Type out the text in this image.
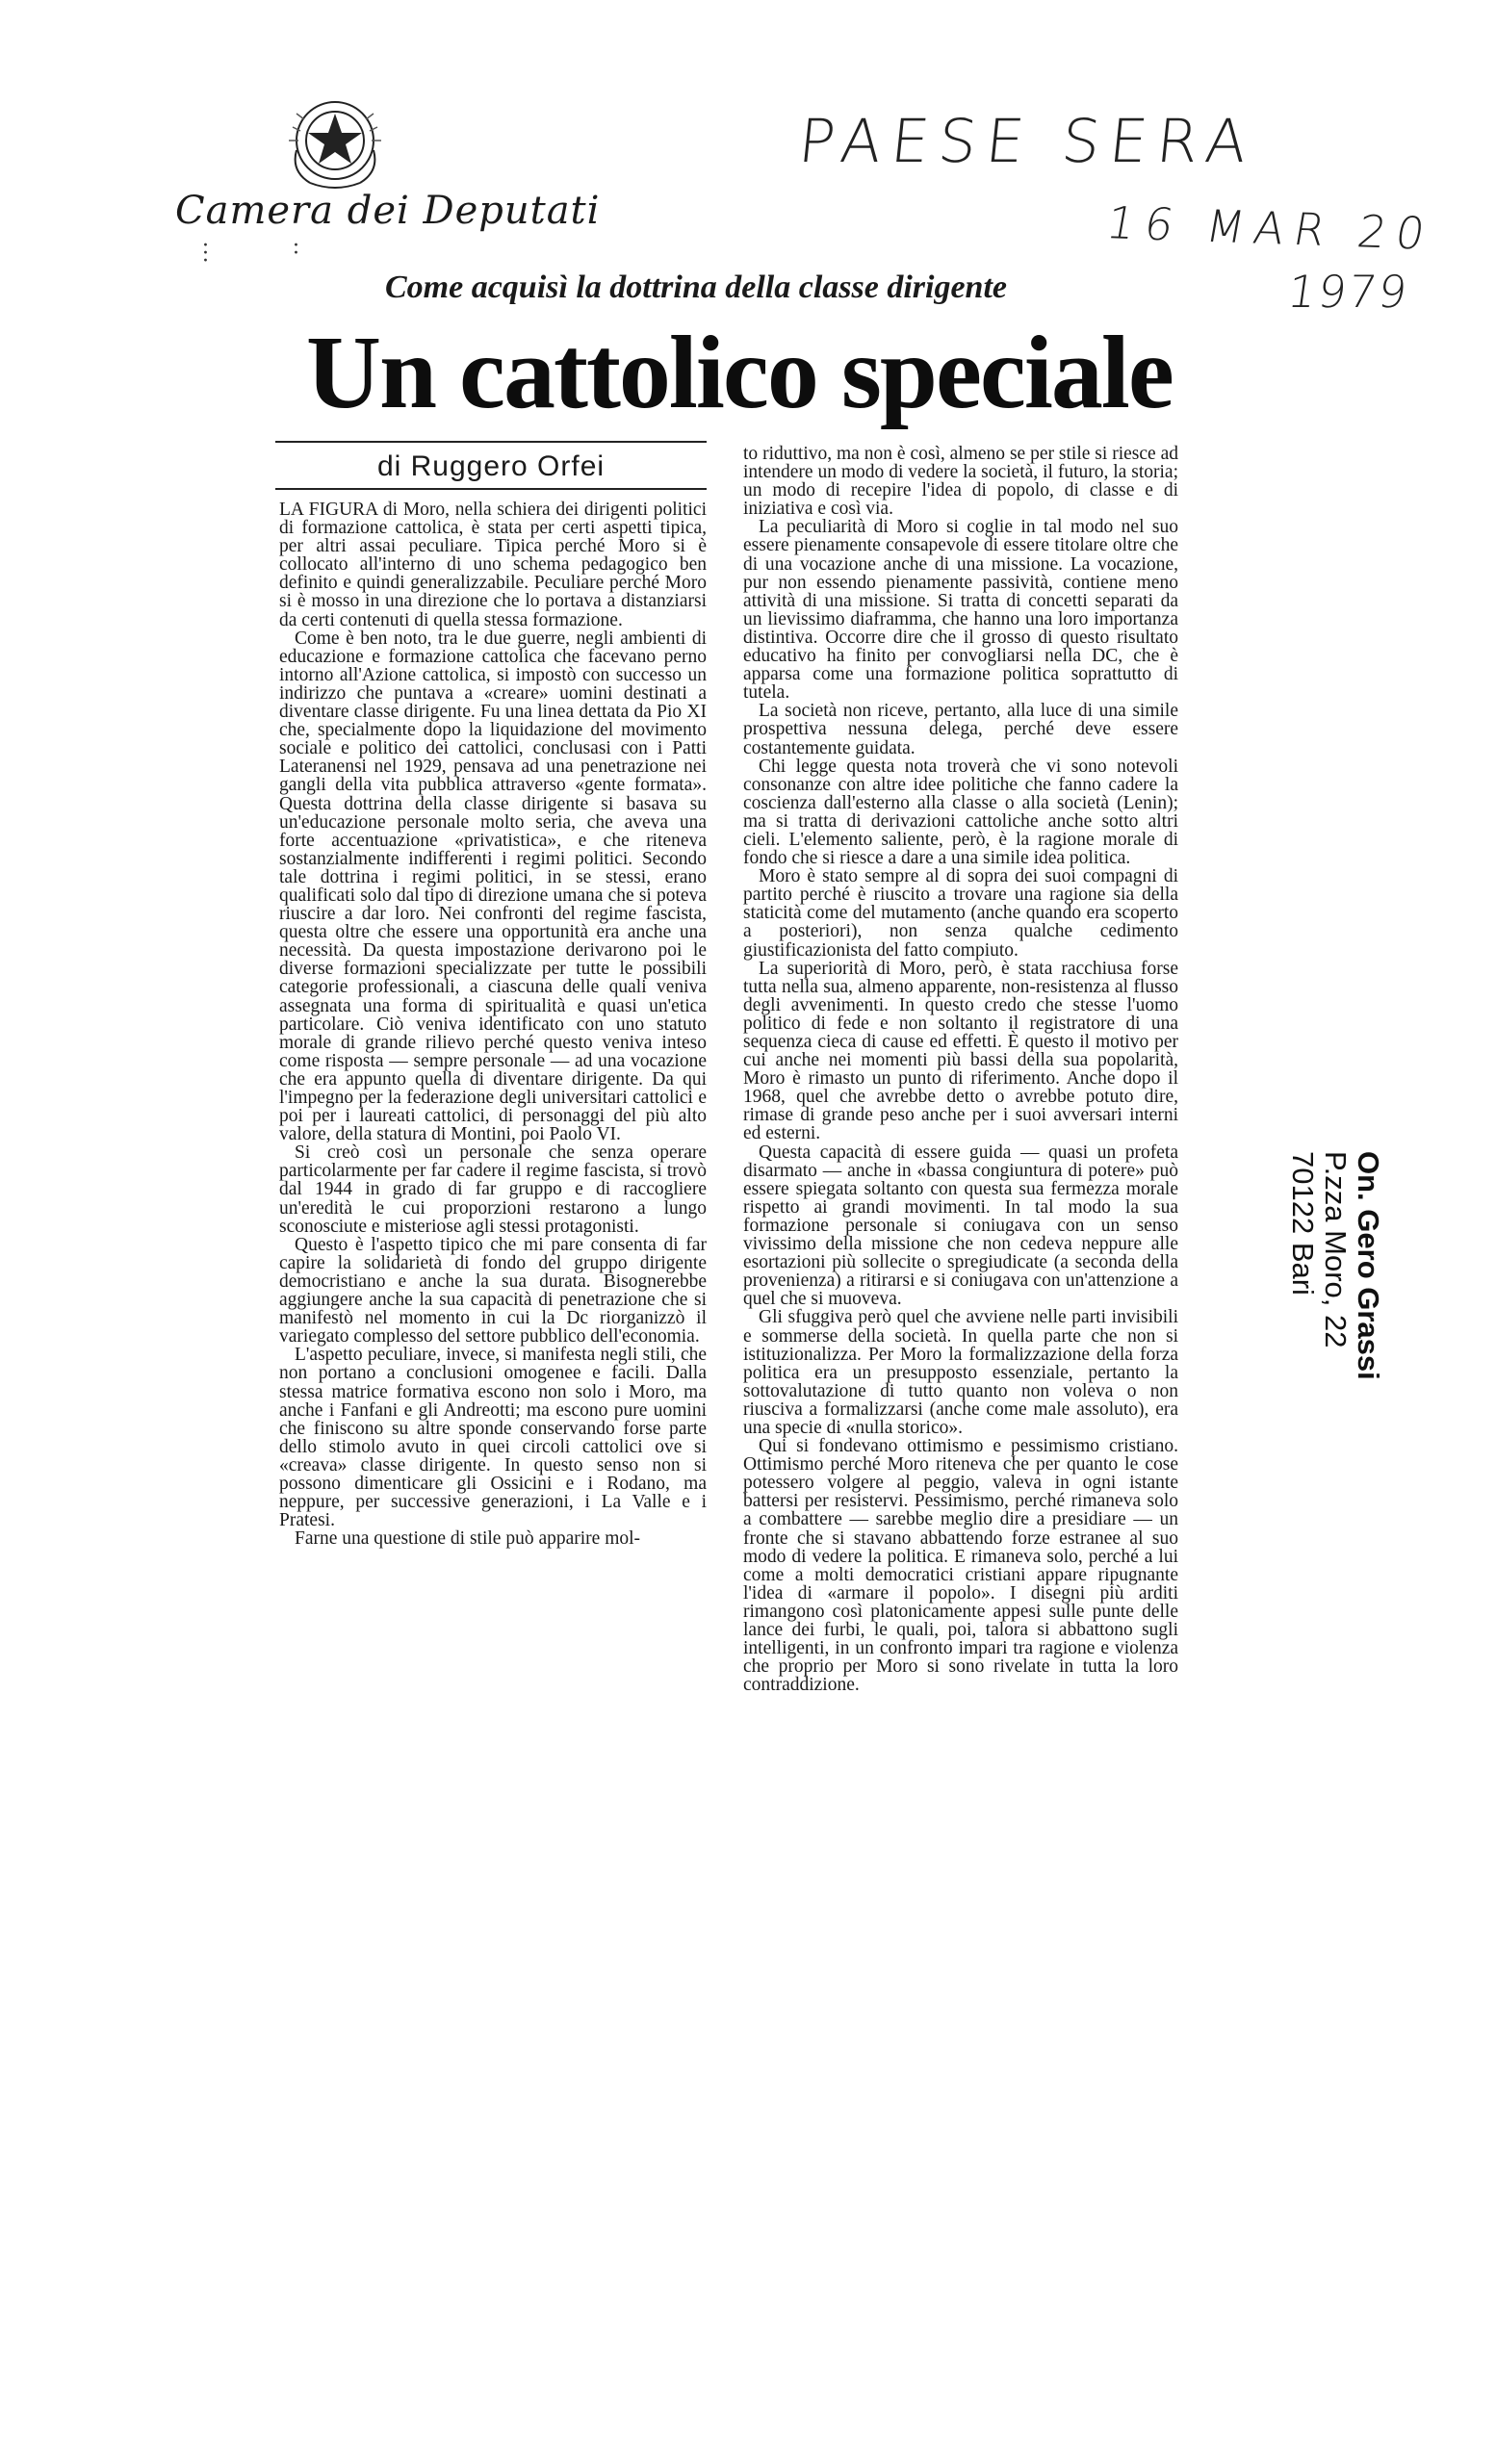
Camera dei Deputati
· · · · ·
PAESE SERA
16 MAR 20
1979
Come acquisì la dottrina della classe dirigente
Un cattolico speciale
di Ruggero Orfei

LA FIGURA di Moro, nella schiera dei dirigenti politici di formazione cattolica, è stata per certi aspetti tipica, per altri assai peculiare. Tipica perché Moro si è collocato all'interno di uno schema pedagogico ben definito e quindi generalizzabile. Peculiare perché Moro si è mosso in una direzione che lo portava a distanziarsi da certi contenuti di quella stessa formazione.

Come è ben noto, tra le due guerre, negli ambienti di educazione e formazione cattolica che facevano perno intorno all'Azione cattolica, si impostò con successo un indirizzo che puntava a «creare» uomini destinati a diventare classe dirigente. Fu una linea dettata da Pio XI che, specialmente dopo la liquidazione del movimento sociale e politico dei cattolici, conclusasi con i Patti Lateranensi nel 1929, pensava ad una penetrazione nei gangli della vita pubblica attraverso «gente formata». Questa dottrina della classe dirigente si basava su un'educazione personale molto seria, che aveva una forte accentuazione «privatistica», e che riteneva sostanzialmente indifferenti i regimi politici. Secondo tale dottrina i regimi politici, in se stessi, erano qualificati solo dal tipo di direzione umana che si poteva riuscire a dar loro. Nei confronti del regime fascista, questa oltre che essere una opportunità era anche una necessità. Da questa impostazione derivarono poi le diverse formazioni specializzate per tutte le possibili categorie professionali, a ciascuna delle quali veniva assegnata una forma di spiritualità e quasi un'etica particolare. Ciò veniva identificato con uno statuto morale di grande rilievo perché questo veniva inteso come risposta — sempre personale — ad una vocazione che era appunto quella di diventare dirigente. Da qui l'impegno per la federazione degli universitari cattolici e poi per i laureati cattolici, di personaggi del più alto valore, della statura di Montini, poi Paolo VI.

Si creò così un personale che senza operare particolarmente per far cadere il regime fascista, si trovò dal 1944 in grado di far gruppo e di raccogliere un'eredità le cui proporzioni restarono a lungo sconosciute e misteriose agli stessi protagonisti.

Questo è l'aspetto tipico che mi pare consenta di far capire la solidarietà di fondo del gruppo dirigente democristiano e anche la sua durata. Bisognerebbe aggiungere anche la sua capacità di penetrazione che si manifestò nel momento in cui la Dc riorganizzò il variegato complesso del settore pubblico dell'economia.

L'aspetto peculiare, invece, si manifesta negli stili, che non portano a conclusioni omogenee e facili. Dalla stessa matrice formativa escono non solo i Moro, ma anche i Fanfani e gli Andreotti; ma escono pure uomini che finiscono su altre sponde conservando forse parte dello stimolo avuto in quei circoli cattolici ove si «creava» classe dirigente. In questo senso non si possono dimenticare gli Ossicini e i Rodano, ma neppure, per successive generazioni, i La Valle e i Pratesi.

Farne una questione di stile può apparire mol-

to riduttivo, ma non è così, almeno se per stile si riesce ad intendere un modo di vedere la società, il futuro, la storia; un modo di recepire l'idea di popolo, di classe e di iniziativa e così via.

La peculiarità di Moro si coglie in tal modo nel suo essere pienamente consapevole di essere titolare oltre che di una vocazione anche di una missione. La vocazione, pur non essendo pienamente passività, contiene meno attività di una missione. Si tratta di concetti separati da un lievissimo diaframma, che hanno una loro importanza distintiva. Occorre dire che il grosso di questo risultato educativo ha finito per convogliarsi nella DC, che è apparsa come una formazione politica soprattutto di tutela.

La società non riceve, pertanto, alla luce di una simile prospettiva nessuna delega, perché deve essere costantemente guidata.

Chi legge questa nota troverà che vi sono notevoli consonanze con altre idee politiche che fanno cadere la coscienza dall'esterno alla classe o alla società (Lenin); ma si tratta di derivazioni cattoliche anche sotto altri cieli. L'elemento saliente, però, è la ragione morale di fondo che si riesce a dare a una simile idea politica.

Moro è stato sempre al di sopra dei suoi compagni di partito perché è riuscito a trovare una ragione sia della staticità come del mutamento (anche quando era scoperto a posteriori), non senza qualche cedimento giustificazionista del fatto compiuto.

La superiorità di Moro, però, è stata racchiusa forse tutta nella sua, almeno apparente, non-resistenza al flusso degli avvenimenti. In questo credo che stesse l'uomo politico di fede e non soltanto il registratore di una sequenza cieca di cause ed effetti. È questo il motivo per cui anche nei momenti più bassi della sua popolarità, Moro è rimasto un punto di riferimento. Anche dopo il 1968, quel che avrebbe detto o avrebbe potuto dire, rimase di grande peso anche per i suoi avversari interni ed esterni.

Questa capacità di essere guida — quasi un profeta disarmato — anche in «bassa congiuntura di potere» può essere spiegata soltanto con questa sua fermezza morale rispetto ai grandi movimenti. In tal modo la sua formazione personale si coniugava con un senso vivissimo della missione che non cedeva neppure alle esortazioni più sollecite o spregiudicate (a seconda della provenienza) a ritirarsi e si coniugava con un'attenzione a quel che si muoveva.

Gli sfuggiva però quel che avviene nelle parti invisibili e sommerse della società. In quella parte che non si istituzionalizza. Per Moro la formalizzazione della forza politica era un presupposto essenziale, pertanto la sottovalutazione di tutto quanto non voleva o non riusciva a formalizzarsi (anche come male assoluto), era una specie di «nulla storico».

Qui si fondevano ottimismo e pessimismo cristiano. Ottimismo perché Moro riteneva che per quanto le cose potessero volgere al peggio, valeva in ogni istante battersi per resistervi. Pessimismo, perché rimaneva solo a combattere — sarebbe meglio dire a presidiare — un fronte che si stavano abbattendo forze estranee al suo modo di vedere la politica. E rimaneva solo, perché a lui come a molti democratici cristiani appare ripugnante l'idea di «armare il popolo». I disegni più arditi rimangono così platonicamente appesi sulle punte delle lance dei furbi, le quali, poi, talora si abbattono sugli intelligenti, in un confronto impari tra ragione e violenza che proprio per Moro si sono rivelate in tutta la loro contraddizione.

On. Gero Grassi
P.zza Moro, 22
70122 Bari
